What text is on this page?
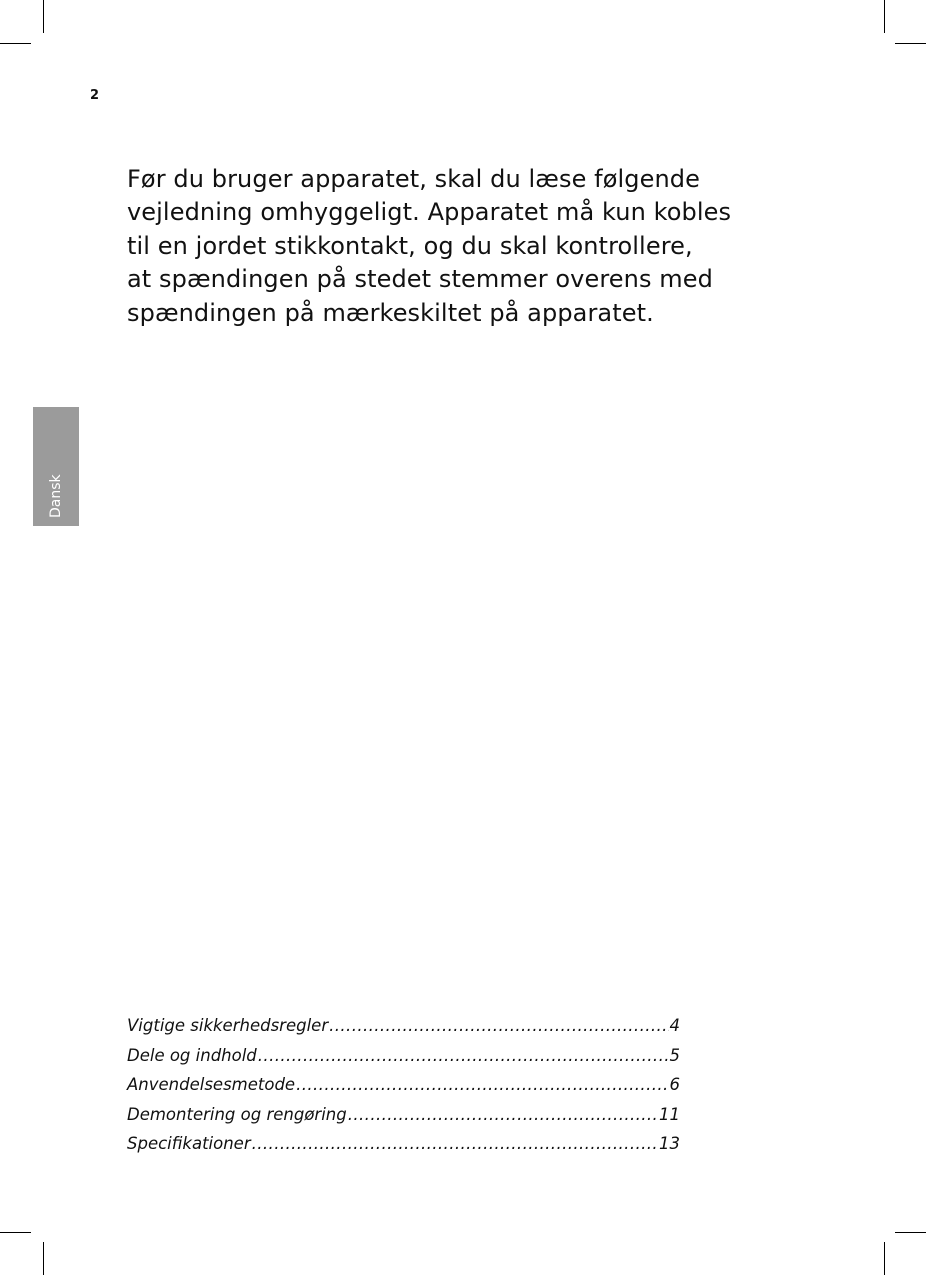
2
Dansk
Før du bruger apparatet, skal du læse følgende
vejledning omhyggeligt. Apparatet må kun kobles
til en jordet stikkontakt, og du skal kontrollere,
at spændingen på stedet stemmer overens med
spændingen på mærkeskiltet på apparatet.
Vigtige sikkerhedsregler .....	4
Dele og indhold .....	5
Anvendelsesmetode .....	6
Demontering og rengøring .....	11
Specifikationer .....	13
